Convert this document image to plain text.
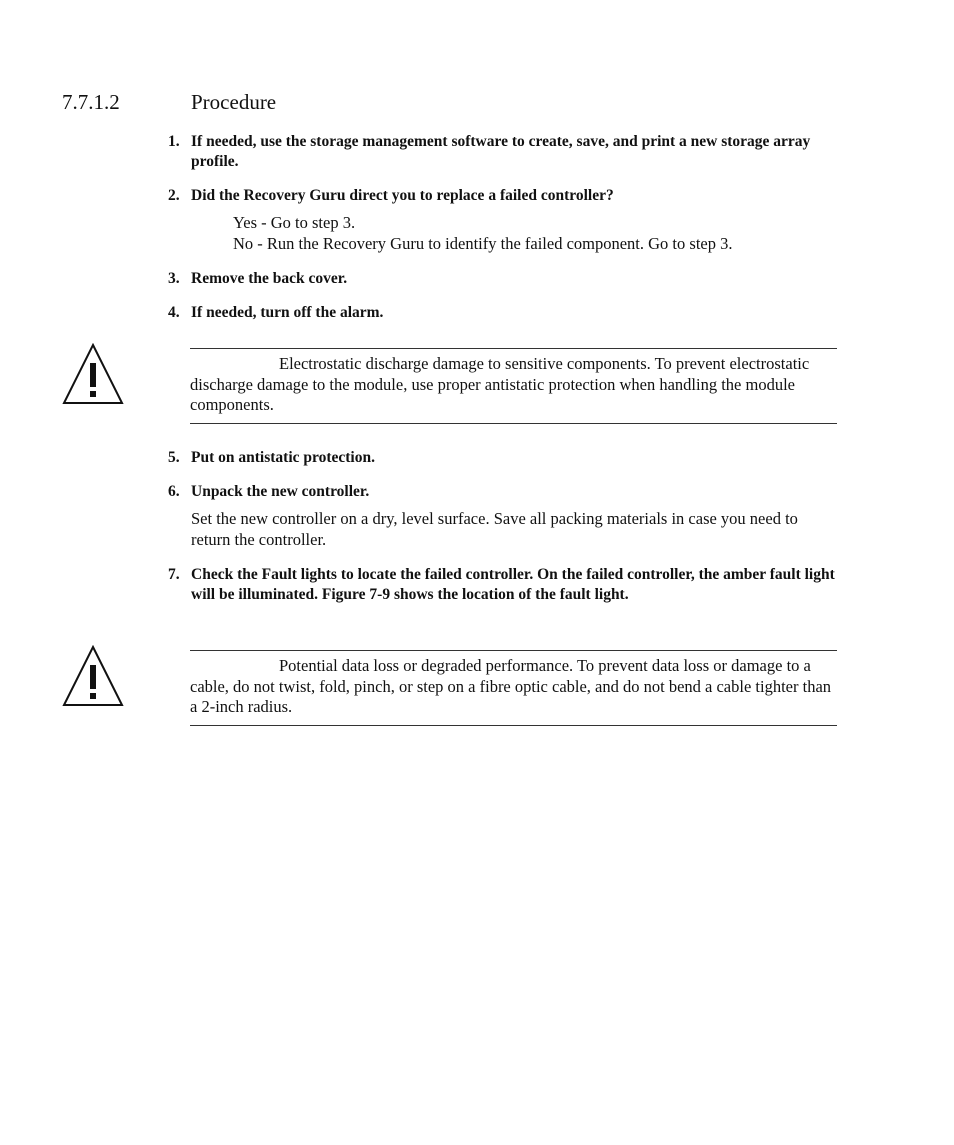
7.7.1.2	Procedure
1. If needed, use the storage management software to create, save, and print a new storage array profile.
2. Did the Recovery Guru direct you to replace a failed controller?
Yes - Go to step 3.
No - Run the Recovery Guru to identify the failed component. Go to step 3.
3. Remove the back cover.
4. If needed, turn off the alarm.
Electrostatic discharge damage to sensitive components. To prevent electrostatic discharge damage to the module, use proper antistatic protection when handling the module components.
5. Put on antistatic protection.
6. Unpack the new controller.
Set the new controller on a dry, level surface. Save all packing materials in case you need to return the controller.
7. Check the Fault lights to locate the failed controller. On the failed controller, the amber fault light will be illuminated. Figure 7-9 shows the location of the fault light.
Potential data loss or degraded performance. To prevent data loss or damage to a cable, do not twist, fold, pinch, or step on a fibre optic cable, and do not bend a cable tighter than a 2-inch radius.
